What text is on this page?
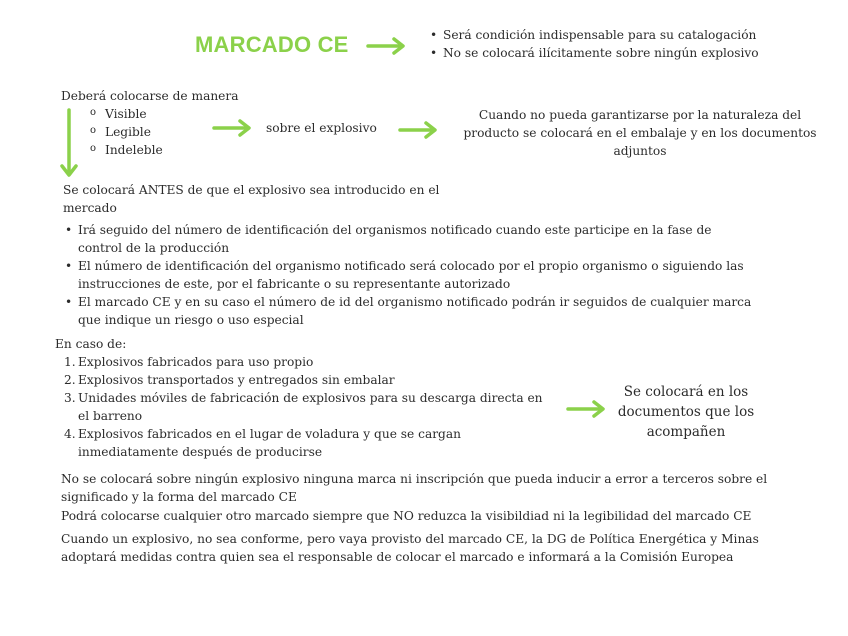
MARCADO CE
•	Será condición indispensable para su catalogación
• No se colocará ilícitamente sobre ningún explosivo
Deberá colocarse de manera
o Visible
o Legible
o Indeleble
sobre el explosivo
Cuando no pueda garantizarse por la naturaleza del
producto se colocará en el embalaje y en los documentos
adjuntos
Se colocará ANTES de que el explosivo sea introducido en el
mercado
• Irá seguido del número de identificación del organismos notificado cuando este participe en la fase de
control de la producción
• El número de identificación del organismo notificado será colocado por el propio organismo o siguiendo las
instrucciones de este, por el fabricante o su representante autorizado
• El marcado CE y en su caso el número de id del organismo notificado podrán ir seguidos de cualquier marca
que indique un riesgo o uso especial
En caso de:
1. Explosivos fabricados para uso propio
2. Explosivos transportados y entregados sin embalar
3. Unidades móviles de fabricación de explosivos para su descarga directa en
el barreno
4. Explosivos fabricados en el lugar de voladura y que se cargan
inmediatamente después de producirse
Se colocará en los
documentos que los
acompañen
No se colocará sobre ningún explosivo ninguna marca ni inscripción que pueda inducir a error a terceros sobre el
significado y la forma del marcado CE
Podrá colocarse cualquier otro marcado siempre que NO reduzca la visibildiad ni la legibilidad del marcado CE
Cuando un explosivo, no sea conforme, pero vaya provisto del marcado CE, la DG de Política Energética y Minas
adoptará medidas contra quien sea el responsable de colocar el marcado e informará a la Comisión Europea
